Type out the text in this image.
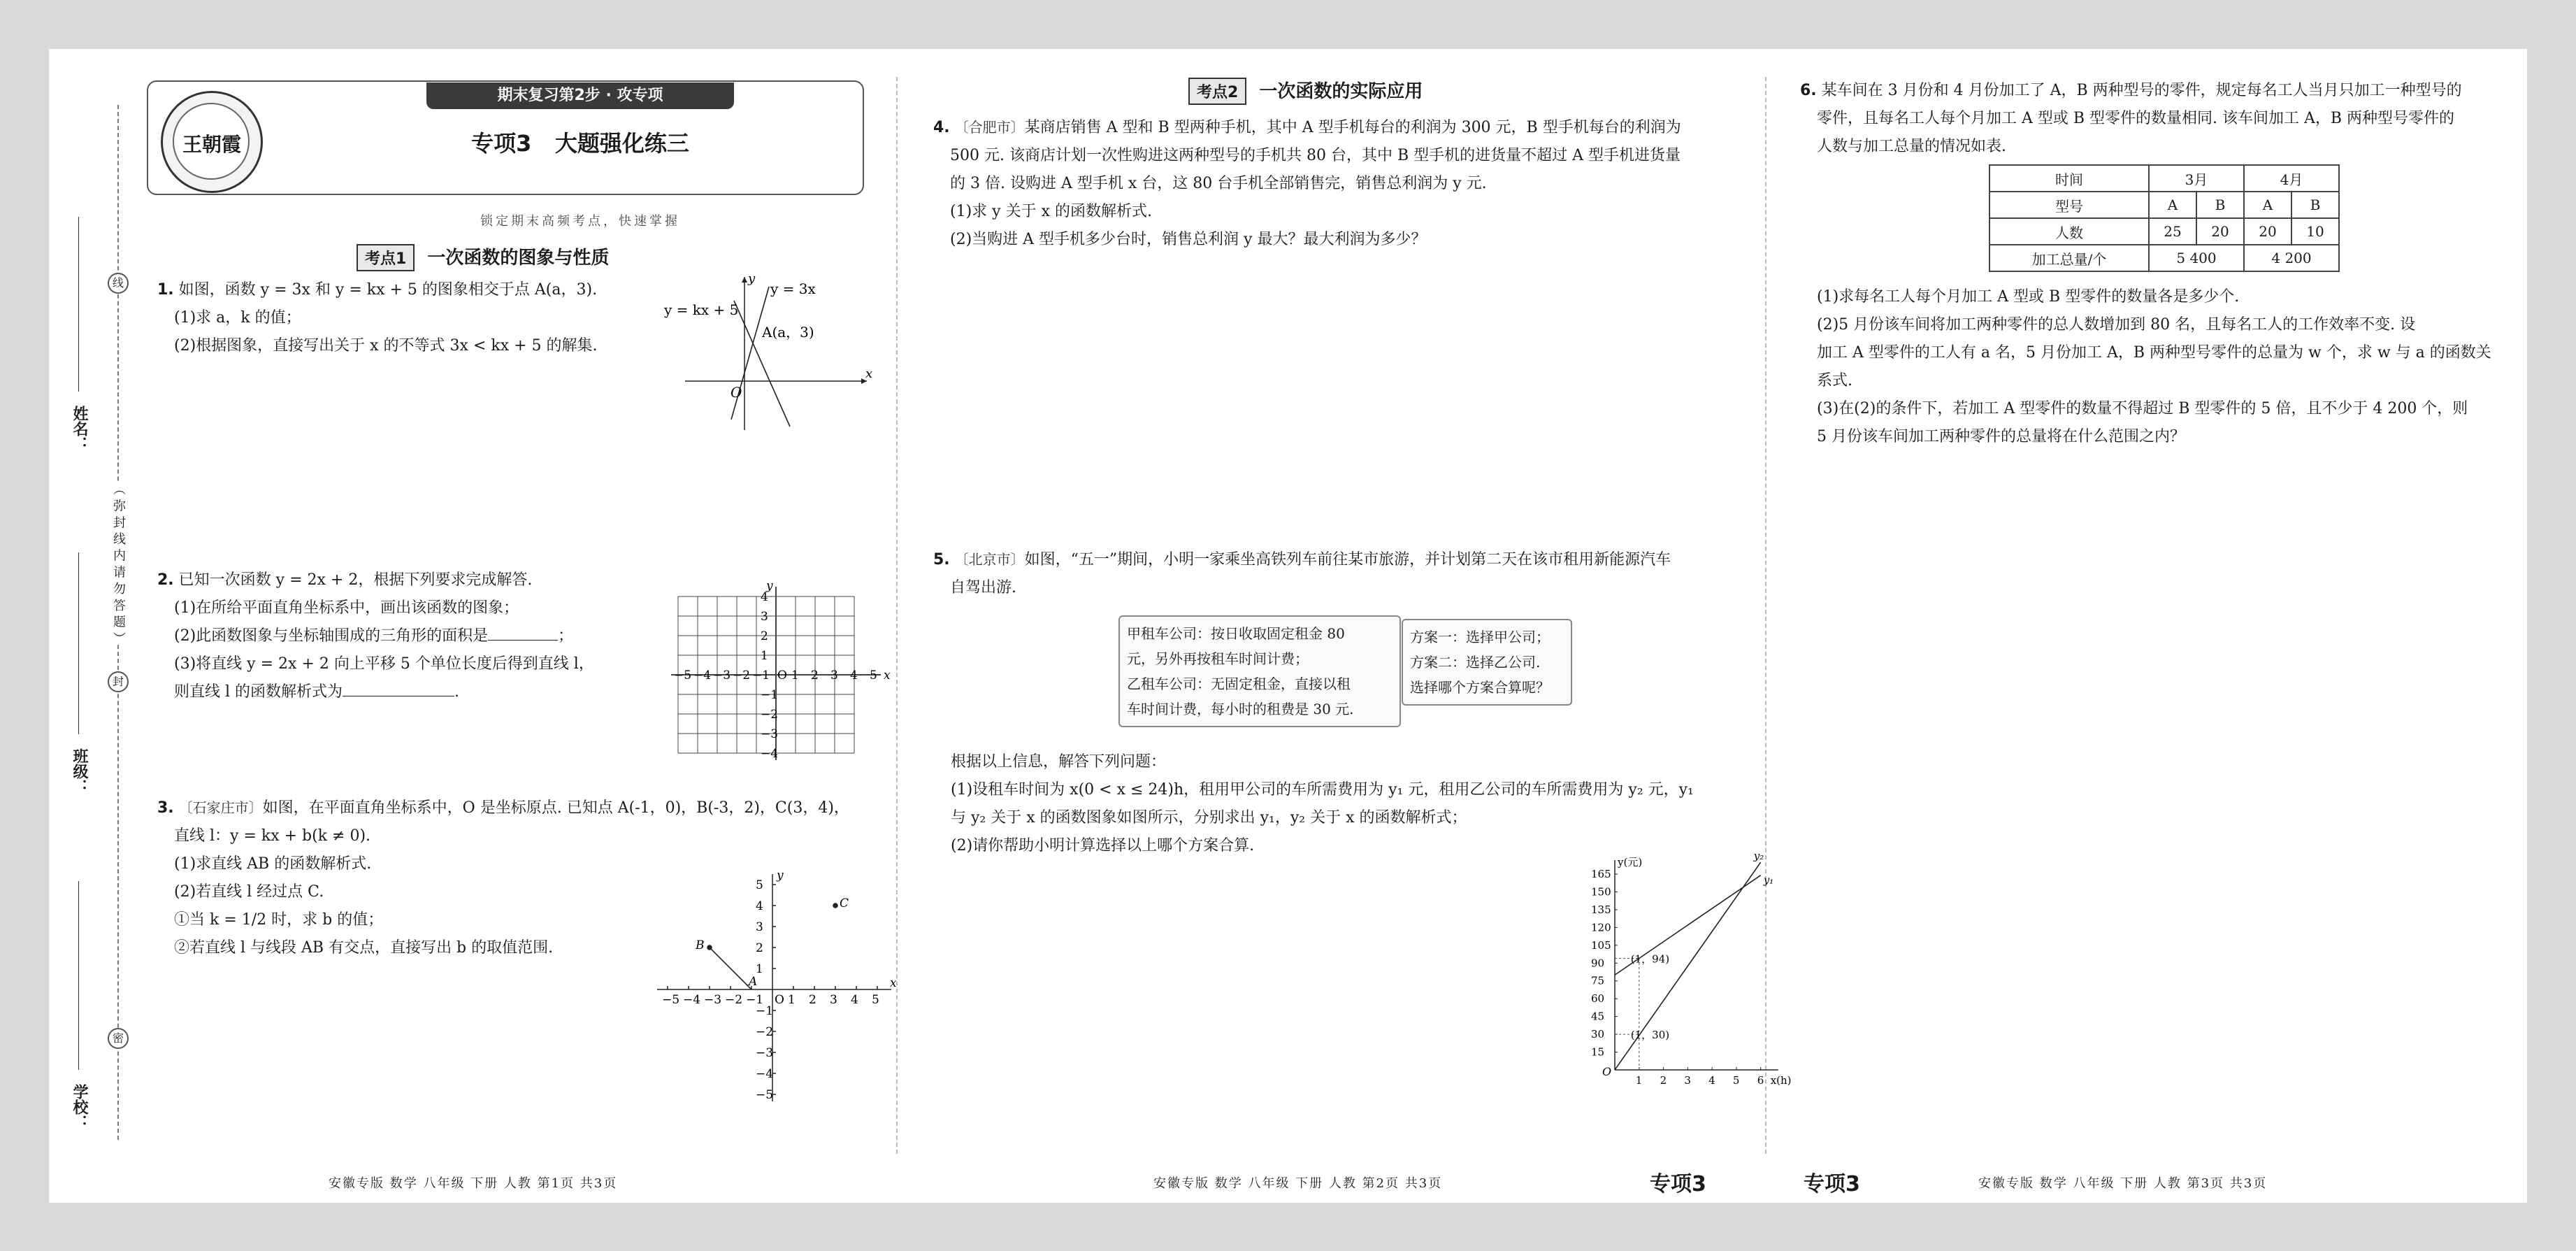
姓名：
班级：
学校：
（ 弥 封 线 内 请 勿 答 题 ）
线
封
密
王朝霞
期末复习第2步 · 攻专项
专项3   大题强化练三
锁定期末高频考点，快速掌握
考点1 一次函数的图象与性质
1. 如图，函数 y = 3x 和 y = kx + 5 的图象相交于点 A(a，3).
(1)求 a，k 的值；
(2)根据图象，直接写出关于 x 的不等式 3x < kx + 5 的解集.
y = kx + 5
y = 3x
A(a，3)
O
x
y
2. 已知一次函数 y = 2x + 2，根据下列要求完成解答.
(1)在所给平面直角坐标系中，画出该函数的图象；
(2)此函数图象与坐标轴围成的三角形的面积是	；
(3)将直线 y = 2x + 2 向上平移 5 个单位长度后得到直线 l，
则直线 l 的函数解析式为	.
−5 −4 −3 −2 −1 1 2 3 4 5
−4
−3
−2
−1
1
2
3
4
O	x
y
3. 〔石家庄市〕如图，在平面直角坐标系中，O 是坐标原点. 已知点 A(-1，0)，B(-3，2)，C(3，4)，
直线 l：y = kx + b(k ≠ 0).
(1)求直线 AB 的函数解析式.
(2)若直线 l 经过点 C.
①当 k = 1/2 时，求 b 的值；
②若直线 l 与线段 AB 有交点，直接写出 b 的取值范围.
−5 −4 −3 −2 −1 1 2 3 4 5
−5
−4
−3
−2
−1
1
2
3
4
5
O
x
y
B
C
A
安徽专版 数学 八年级 下册 人教 第1页 共3页
考点2 一次函数的实际应用
4. 〔合肥市〕某商店销售 A 型和 B 型两种手机，其中 A 型手机每台的利润为 300 元，B 型手机每台的利润为
500 元. 该商店计划一次性购进这两种型号的手机共 80 台，其中 B 型手机的进货量不超过 A 型手机进货量
的 3 倍. 设购进 A 型手机 x 台，这 80 台手机全部销售完，销售总利润为 y 元.
(1)求 y 关于 x 的函数解析式.
(2)当购进 A 型手机多少台时，销售总利润 y 最大？最大利润为多少？
5. 〔北京市〕如图，“五一”期间，小明一家乘坐高铁列车前往某市旅游，并计划第二天在该市租用新能源汽车
自驾出游.
甲租车公司：按日收取固定租金 80
元，另外再按租车时间计费；
乙租车公司：无固定租金，直接以租
车时间计费，每小时的租费是 30 元.
方案一：选择甲公司；
方案二：选择乙公司.
选择哪个方案合算呢？
根据以上信息，解答下列问题：
(1)设租车时间为 x(0 < x ≤ 24)h，租用甲公司的车所需费用为 y₁ 元，租用乙公司的车所需费用为 y₂ 元，y₁
与 y₂ 关于 x 的函数图象如图所示，分别求出 y₁，y₂ 关于 x 的函数解析式；
(2)请你帮助小明计算选择以上哪个方案合算.
15
30
45
60
75
90
105
120
135
150
165
1 2 3 4 5 6
O
x(h)
y(元)
y₁
y₂
(1，94)
(1，30)
安徽专版 数学 八年级 下册 人教 第2页 共3页	专项3
6. 某车间在 3 月份和 4 月份加工了 A，B 两种型号的零件，规定每名工人当月只加工一种型号的
零件，且每名工人每个月加工 A 型或 B 型零件的数量相同. 该车间加工 A，B 两种型号零件的
人数与加工总量的情况如表.
时间	3月		4月	
型号	A	B	A	B
人数	25	20	20	10
加工总量/个	5 400		4 200	
(1)求每名工人每个月加工 A 型或 B 型零件的数量各是多少个.
(2)5 月份该车间将加工两种零件的总人数增加到 80 名，且每名工人的工作效率不变. 设
加工 A 型零件的工人有 a 名，5 月份加工 A，B 两种型号零件的总量为 w 个，求 w 与 a 的函数关
系式.
(3)在(2)的条件下，若加工 A 型零件的数量不得超过 B 型零件的 5 倍，且不少于 4 200 个，则
5 月份该车间加工两种零件的总量将在什么范围之内？
专项3	安徽专版 数学 八年级 下册 人教 第3页 共3页
